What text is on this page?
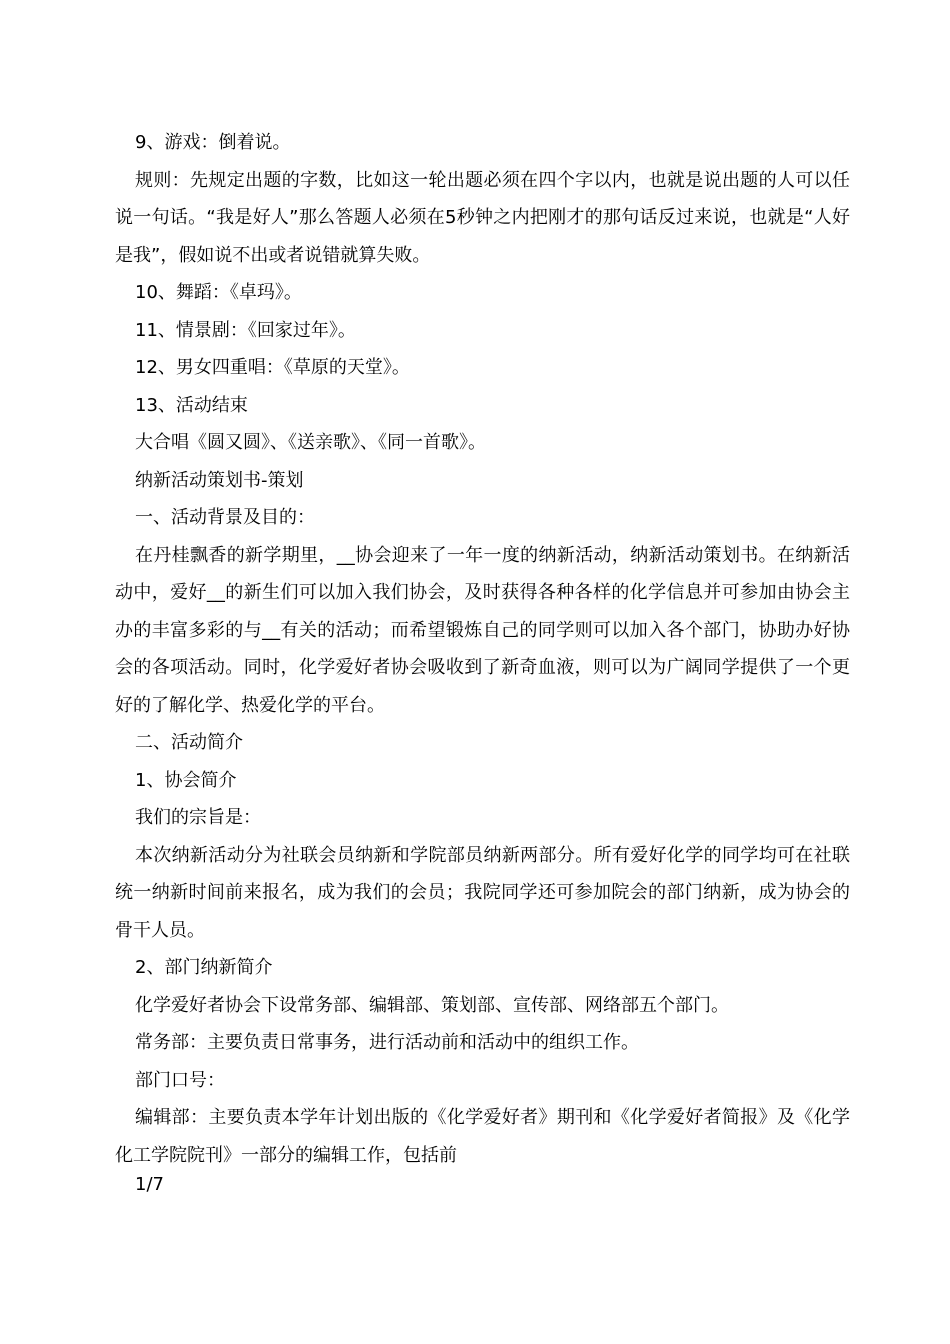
9、游戏：倒着说。

规则：先规定出题的字数，比如这一轮出题必须在四个字以内，也就是说出题的人可以任说一句话。“我是好人”那么答题人必须在5秒钟之内把刚才的那句话反过来说，也就是“人好是我”，假如说不出或者说错就算失败。

10、舞蹈：《卓玛》。

11、情景剧：《回家过年》。

12、男女四重唱：《草原的天堂》。

13、活动结束

大合唱《圆又圆》、《送亲歌》、《同一首歌》。

纳新活动策划书-策划

一、活动背景及目的：

在丹桂飘香的新学期里，__协会迎来了一年一度的纳新活动，纳新活动策划书。在纳新活动中，爱好__的新生们可以加入我们协会，及时获得各种各样的化学信息并可参加由协会主办的丰富多彩的与__有关的活动；而希望锻炼自己的同学则可以加入各个部门，协助办好协会的各项活动。同时，化学爱好者协会吸收到了新奇血液，则可以为广阔同学提供了一个更好的了解化学、热爱化学的平台。

二、活动简介

1、协会简介

我们的宗旨是：

本次纳新活动分为社联会员纳新和学院部员纳新两部分。所有爱好化学的同学均可在社联统一纳新时间前来报名，成为我们的会员；我院同学还可参加院会的部门纳新，成为协会的骨干人员。

2、部门纳新简介

化学爱好者协会下设常务部、编辑部、策划部、宣传部、网络部五个部门。

常务部：主要负责日常事务，进行活动前和活动中的组织工作。

部门口号：

编辑部：主要负责本学年计划出版的《化学爱好者》期刊和《化学爱好者简报》及《化学化工学院院刊》一部分的编辑工作，包括前

1/7
